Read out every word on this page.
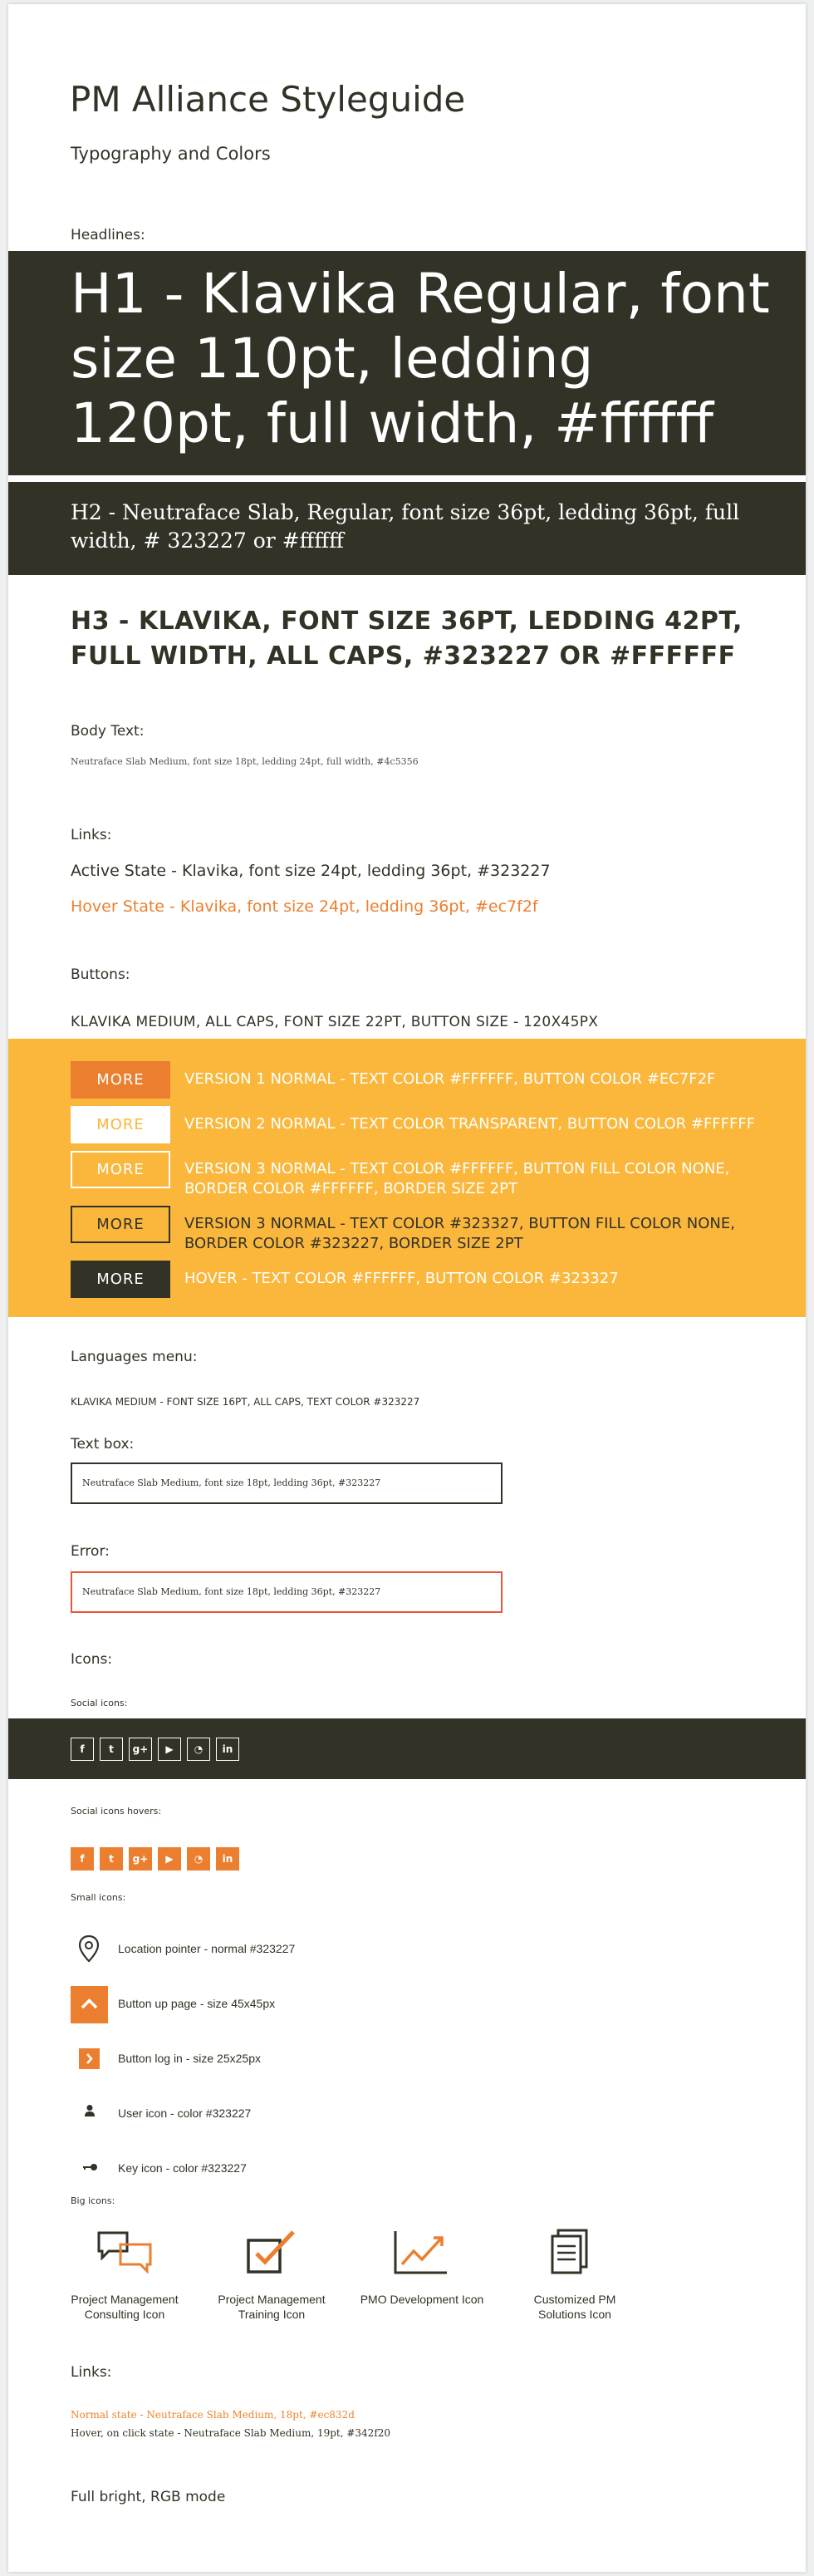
PM Alliance Styleguide
Typography and Colors
Headlines:
H1 - Klavika Regular, font size 110pt, ledding 120pt, full width, #ffffff
H2 - Neutraface Slab, Regular, font size 36pt, ledding 36pt, full width, # 323227 or #ffffff
H3 - KLAVIKA, FONT SIZE 36PT, LEDDING 42PT, FULL WIDTH, ALL CAPS, #323227 OR #FFFFFF
Body Text:
Neutraface Slab Medium, font size 18pt, ledding 24pt, full width, #4c5356
Links:
Active State - Klavika, font size 24pt, ledding 36pt, #323227
Hover State - Klavika, font size 24pt, ledding 36pt, #ec7f2f
Buttons:
KLAVIKA MEDIUM, ALL CAPS, FONT SIZE 22PT, BUTTON SIZE - 120X45PX
MORE	VERSION 1 NORMAL - TEXT COLOR #FFFFFF, BUTTON COLOR #EC7F2F
MORE	VERSION 2 NORMAL - TEXT COLOR TRANSPARENT, BUTTON COLOR #FFFFFF
MORE	VERSION 3 NORMAL - TEXT COLOR #FFFFFF, BUTTON FILL COLOR NONE, BORDER COLOR #FFFFFF, BORDER SIZE 2PT
MORE	VERSION 3 NORMAL - TEXT COLOR #323327, BUTTON FILL COLOR NONE, BORDER COLOR #323227, BORDER SIZE 2PT
MORE	HOVER - TEXT COLOR #FFFFFF, BUTTON COLOR #323327
Languages menu:
KLAVIKA MEDIUM - FONT SIZE 16PT, ALL CAPS, TEXT COLOR #323227
Text box:
Neutraface Slab Medium, font size 18pt, ledding 36pt, #323227
Error:
Neutraface Slab Medium, font size 18pt, ledding 36pt, #323227
Icons:
Social icons:
f	t	g+	▶	◔	in
Social icons hovers:
f	t	g+	▶	◔	in
Small icons:
Location pointer - normal #323227
Button up page - size 45x45px
Button log in - size 25x25px
User icon - color #323227
Key icon - color #323227
Big icons:
Project Management Consulting Icon
Project Management Training Icon
PMO Development Icon	Customized PM Solutions Icon
Links:
Normal state - Neutraface Slab Medium, 18pt, #ec832d
Hover, on click state - Neutraface Slab Medium, 19pt, #342f20
Full bright, RGB mode
